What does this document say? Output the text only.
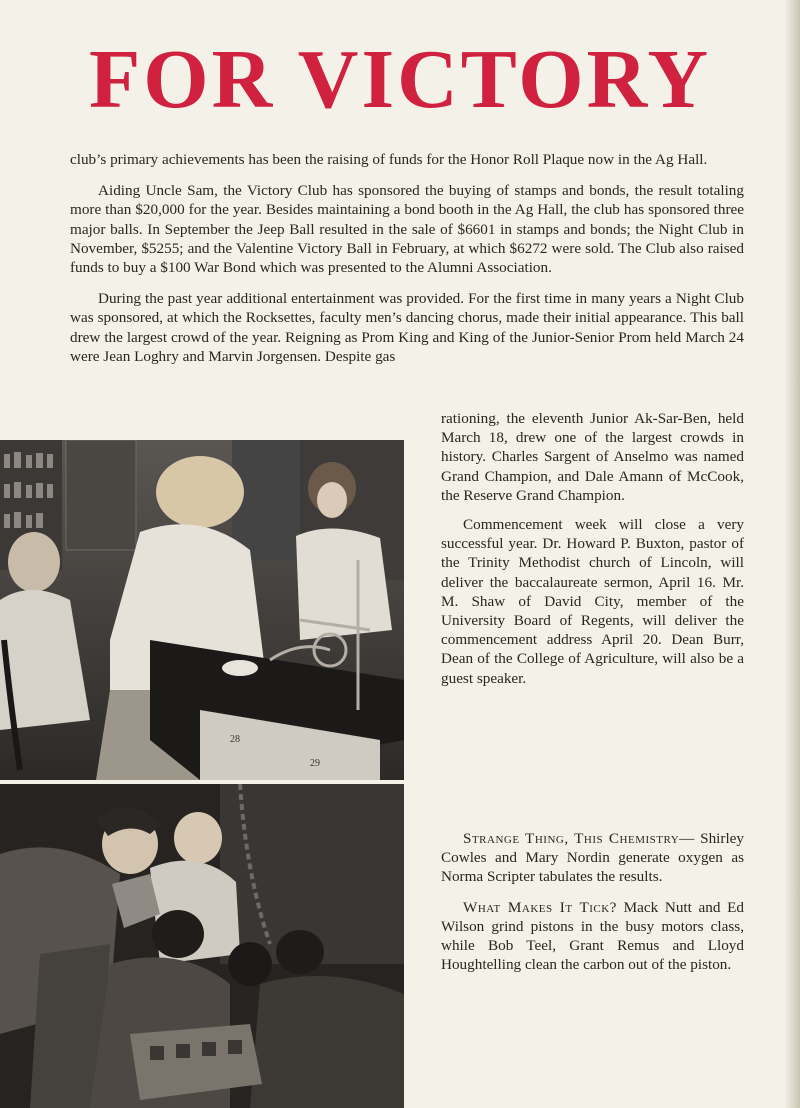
FOR VICTORY

club’s primary achievements has been the raising of funds for the Honor Roll Plaque now in the Ag Hall.

Aiding Uncle Sam, the Victory Club has sponsored the buying of stamps and bonds, the result totaling more than $20,000 for the year. Besides maintaining a bond booth in the Ag Hall, the club has sponsored three major balls. In September the Jeep Ball resulted in the sale of $6601 in stamps and bonds; the Night Club in November, $5255; and the Valentine Victory Ball in February, at which $6272 were sold. The Club also raised funds to buy a $100 War Bond which was presented to the Alumni Association.

During the past year additional entertainment was provided. For the first time in many years a Night Club was sponsored, at which the Rocksettes, faculty men’s dancing chorus, made their initial appearance. This ball drew the largest crowd of the year. Reigning as Prom King and King of the Junior-Senior Prom held March 24 were Jean Loghry and Marvin Jorgensen. Despite gas

rationing, the eleventh Junior Ak-Sar-Ben, held March 18, drew one of the largest crowds in history. Charles Sargent of Anselmo was named Grand Champion, and Dale Amann of McCook, the Reserve Grand Champion.

Commencement week will close a very successful year. Dr. Howard P. Buxton, pastor of the Trinity Methodist church of Lincoln, will deliver the baccalaureate sermon, April 16. Mr. M. Shaw of David City, member of the University Board of Regents, will deliver the commencement address April 20. Dean Burr, Dean of the College of Agriculture, will also be a guest speaker.

28
29

Strange Thing, This Chemistry— Shirley Cowles and Mary Nordin generate oxygen as Norma Scripter tabulates the results.

What Makes It Tick? Mack Nutt and Ed Wilson grind pistons in the busy motors class, while Bob Teel, Grant Remus and Lloyd Houghtelling clean the carbon out of the piston.
